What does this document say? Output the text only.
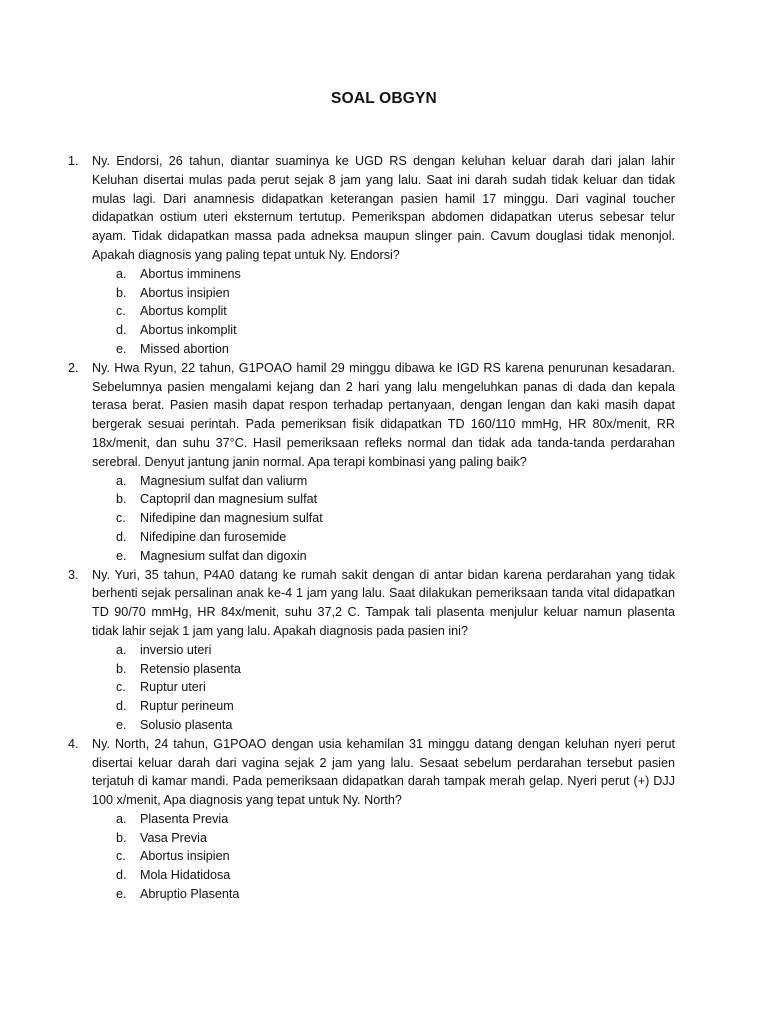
SOAL OBGYN
1. Ny. Endorsi, 26 tahun, diantar suaminya ke UGD RS dengan keluhan keluar darah dari jalan lahir Keluhan disertai mulas pada perut sejak 8 jam yang lalu. Saat ini darah sudah tidak keluar dan tidak mulas lagi. Dari anamnesis didapatkan keterangan pasien hamil 17 minggu. Dari vaginal toucher didapatkan ostium uteri eksternum tertutup. Pemerikspan abdomen didapatkan uterus sebesar telur ayam. Tidak didapatkan massa pada adneksa maupun slinger pain. Cavum douglasi tidak menonjol. Apakah diagnosis yang paling tepat untuk Ny. Endorsi?

a. Abortus imminens
b. Abortus insipien
c. Abortus komplit
d. Abortus inkomplit
e. Missed abortion
2. Ny. Hwa Ryun, 22 tahun, G1POAO hamil 29 minggu dibawa ke IGD RS karena penurunan kesadaran. Sebelumnya pasien mengalami kejang dan 2 hari yang lalu mengeluhkan panas di dada dan kepala terasa berat. Pasien masih dapat respon terhadap pertanyaan, dengan lengan dan kaki masih dapat bergerak sesuai perintah. Pada pemeriksan fisik didapatkan TD 160/110 mmHg, HR 80x/menit, RR 18x/menit, dan suhu 37°C. Hasil pemeriksaan refleks normal dan tidak ada tanda-tanda perdarahan serebral. Denyut jantung janin normal. Apa terapi kombinasi yang paling baik?

a. Magnesium sulfat dan valiurm
b. Captopril dan magnesium sulfat
c. Nifedipine dan magnesium sulfat
d. Nifedipine dan furosemide
e. Magnesium sulfat dan digoxin
3. Ny. Yuri, 35 tahun, P4A0 datang ke rumah sakit dengan di antar bidan karena perdarahan yang tidak berhenti sejak persalinan anak ke-4 1 jam yang lalu. Saat dilakukan pemeriksaan tanda vital didapatkan TD 90/70 mmHg, HR 84x/menit, suhu 37,2 C. Tampak tali plasenta menjulur keluar namun plasenta tidak lahir sejak 1 jam yang lalu. Apakah diagnosis pada pasien ini?

a. inversio uteri
b. Retensio plasenta
c. Ruptur uteri
d. Ruptur perineum
e. Solusio plasenta
4. Ny. North, 24 tahun, G1POAO dengan usia kehamilan 31 minggu datang dengan keluhan nyeri perut disertai keluar darah dari vagina sejak 2 jam yang lalu. Sesaat sebelum perdarahan tersebut pasien terjatuh di kamar mandi. Pada pemeriksaan didapatkan darah tampak merah gelap. Nyeri perut (+) DJJ 100 x/menit, Apa diagnosis yang tepat untuk Ny. North?

a. Plasenta Previa
b. Vasa Previa
c. Abortus insipien
d. Mola Hidatidosa
e. Abruptio Plasenta
